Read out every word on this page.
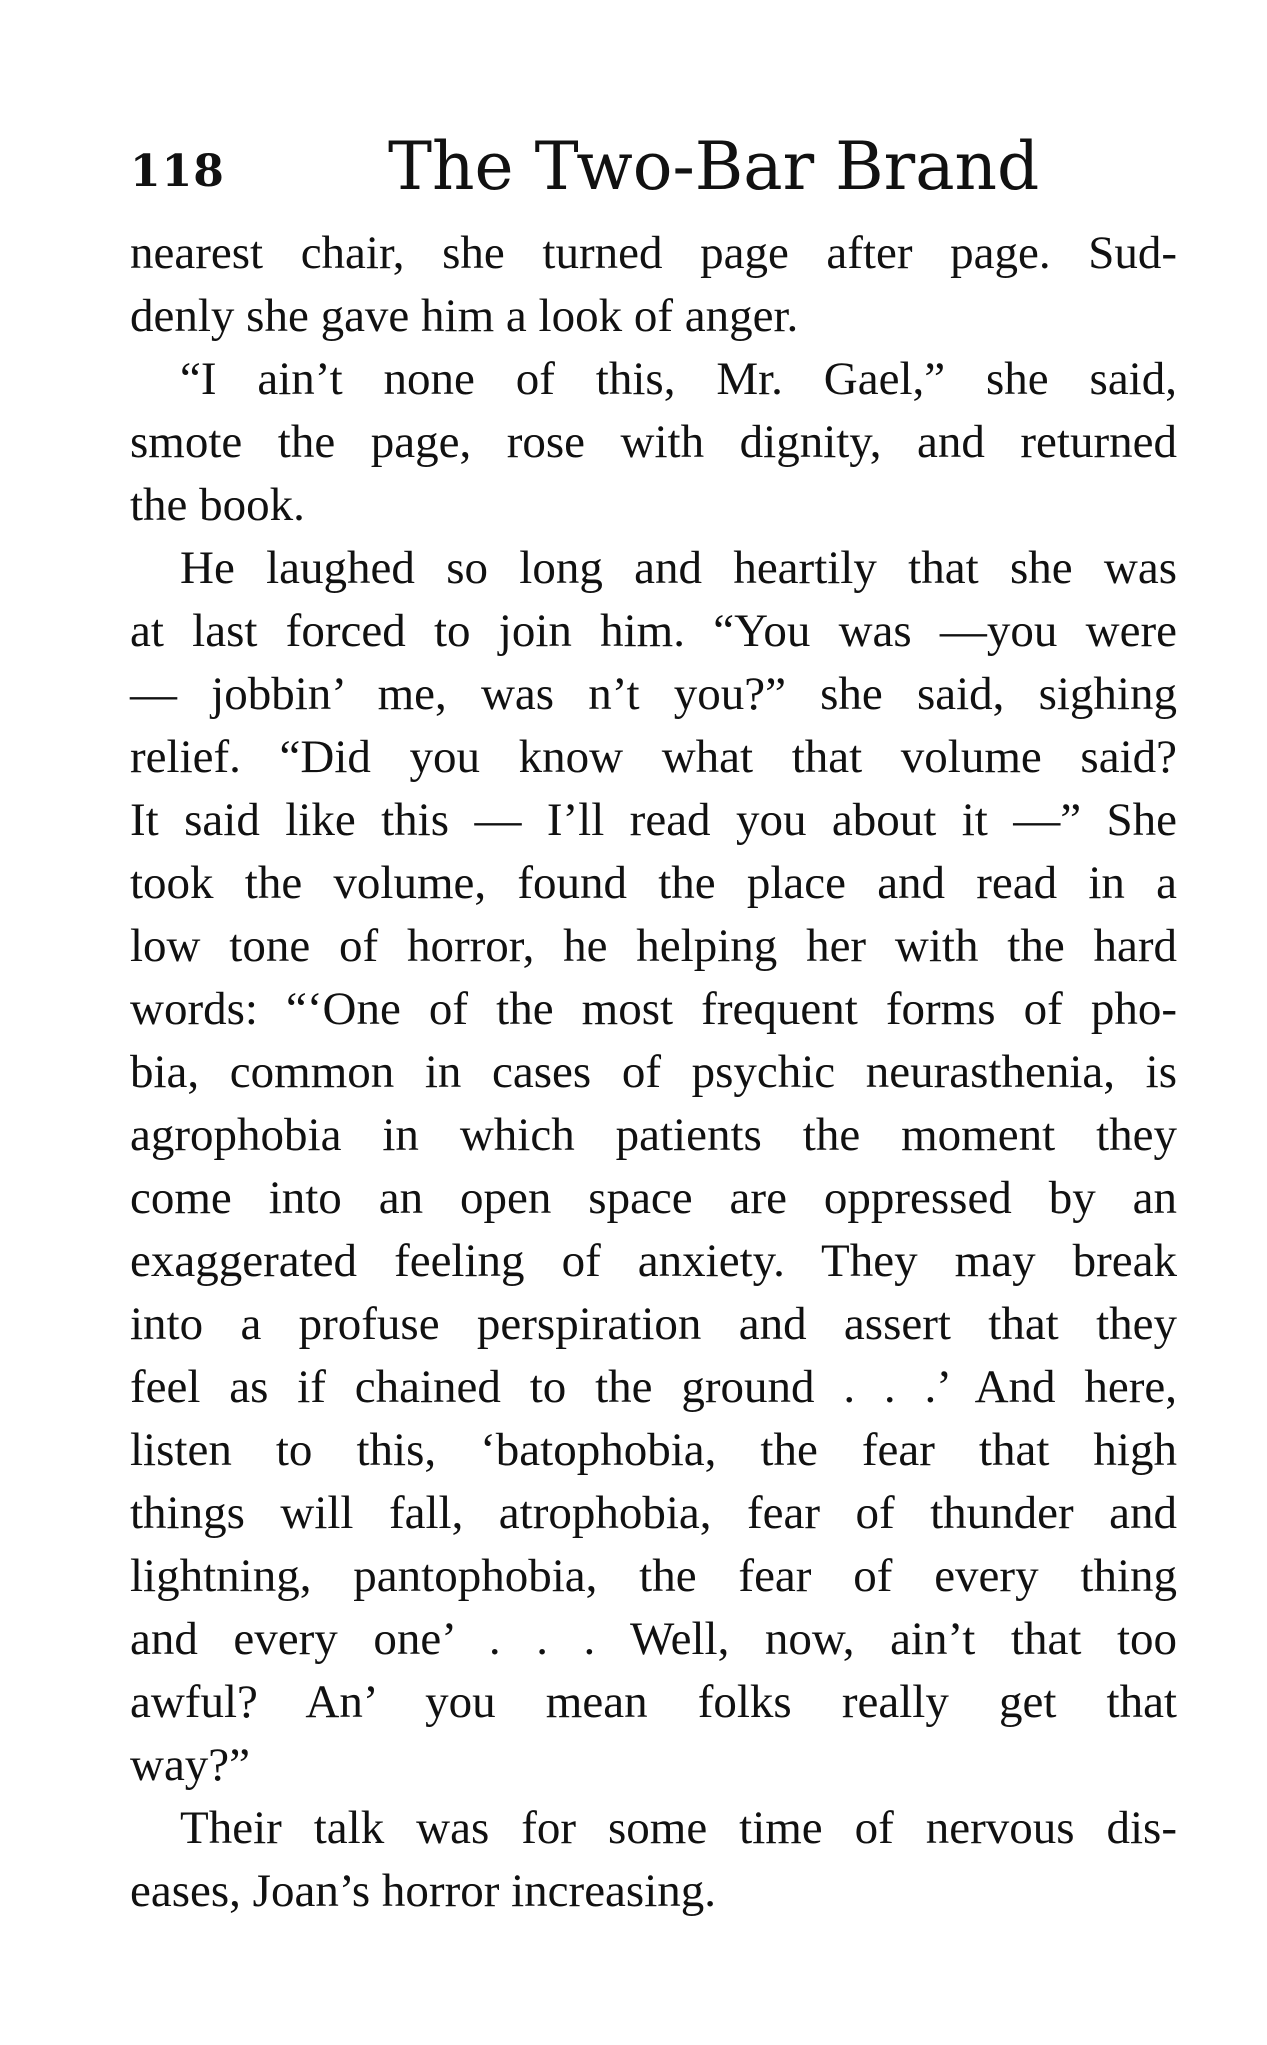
118 The Two-Bar Brand
nearest chair, she turned page after page. Sud-
denly she gave him a look of anger.
“I ain’t none of this, Mr. Gael,” she said,
smote the page, rose with dignity, and returned
the book.
He laughed so long and heartily that she was
at last forced to join him. “You was —you were
— jobbin’ me, was n’t you?” she said, sighing
relief. “Did you know what that volume said?
It said like this — I’ll read you about it —” She
took the volume, found the place and read in a
low tone of horror, he helping her with the hard
words: “‘One of the most frequent forms of pho-
bia, common in cases of psychic neurasthenia, is
agrophobia in which patients the moment they
come into an open space are oppressed by an
exaggerated feeling of anxiety. They may break
into a profuse perspiration and assert that they
feel as if chained to the ground . . .’ And here,
listen to this, ‘batophobia, the fear that high
things will fall, atrophobia, fear of thunder and
lightning, pantophobia, the fear of every thing
and every one’ . . . Well, now, ain’t that too
awful? An’ you mean folks really get that
way?”
Their talk was for some time of nervous dis-
eases, Joan’s horror increasing.
